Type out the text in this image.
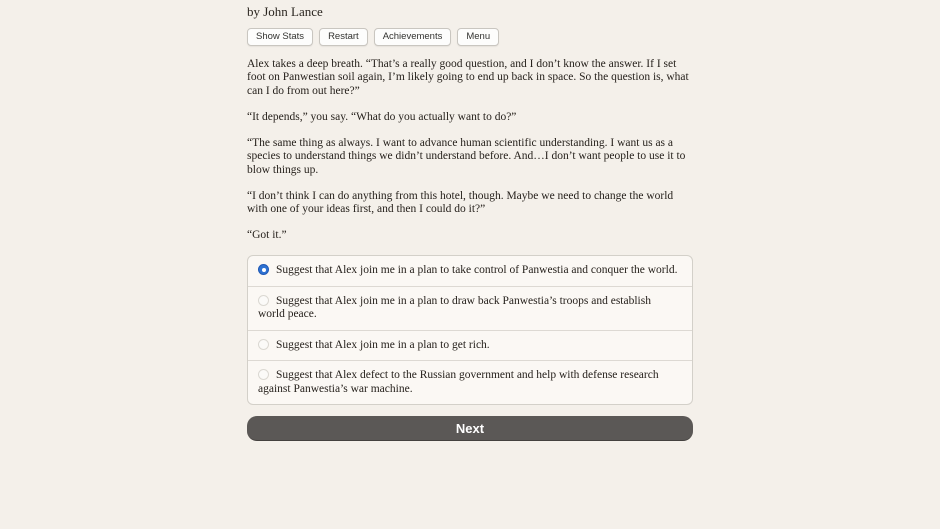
by John Lance
Show Stats	Restart	Achievements	Menu

Alex takes a deep breath. “That’s a really good question, and I don’t know the answer. If I set foot on Panwestian soil again, I’m likely going to end up back in space. So the question is, what can I do from out here?”

“It depends,” you say. “What do you actually want to do?”

“The same thing as always. I want to advance human scientific understanding. I want us as a species to understand things we didn’t understand before. And…I don’t want people to use it to blow things up.

“I don’t think I can do anything from this hotel, though. Maybe we need to change the world with one of your ideas first, and then I could do it?”

“Got it.”

Suggest that Alex join me in a plan to take control of Panwestia and conquer the world.
Suggest that Alex join me in a plan to draw back Panwestia’s troops and establish world peace.
Suggest that Alex join me in a plan to get rich.
Suggest that Alex defect to the Russian government and help with defense research against Panwestia’s war machine.
Next
